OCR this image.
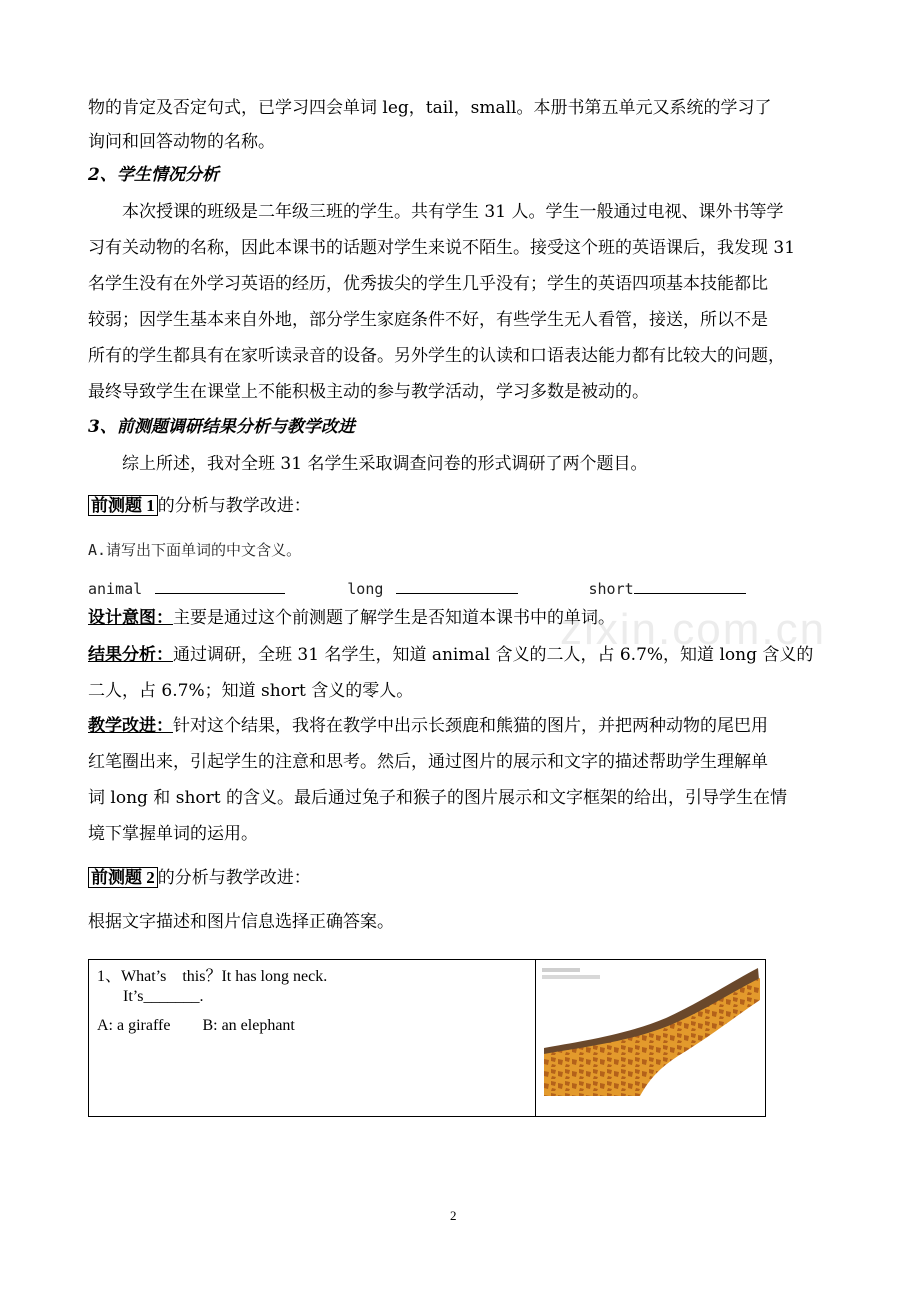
物的肯定及否定句式，已学习四会单词 leg，tail，small。本册书第五单元又系统的学习了
询问和回答动物的名称。
2、学生情况分析
本次授课的班级是二年级三班的学生。共有学生 31 人。学生一般通过电视、课外书等学
习有关动物的名称，因此本课书的话题对学生来说不陌生。接受这个班的英语课后，我发现 31
名学生没有在外学习英语的经历，优秀拔尖的学生几乎没有；学生的英语四项基本技能都比
较弱；因学生基本来自外地，部分学生家庭条件不好，有些学生无人看管，接送，所以不是
所有的学生都具有在家听读录音的设备。另外学生的认读和口语表达能力都有比较大的问题，
最终导致学生在课堂上不能积极主动的参与教学活动，学习多数是被动的。
3、前测题调研结果分析与教学改进
综上所述，我对全班 31 名学生采取调查问卷的形式调研了两个题目。
前测题 1 的分析与教学改进：
A.请写出下面单词的中文含义。
animal	long	short
设计意图：主要是通过这个前测题了解学生是否知道本课书中的单词。
结果分析：通过调研，全班 31 名学生，知道 animal 含义的二人，占 6.7%，知道 long 含义的
二人，占 6.7%；知道 short 含义的零人。
教学改进：针对这个结果，我将在教学中出示长颈鹿和熊猫的图片，并把两种动物的尾巴用
红笔圈出来，引起学生的注意和思考。然后，通过图片的展示和文字的描述帮助学生理解单
词 long 和 short 的含义。最后通过兔子和猴子的图片展示和文字框架的给出，引导学生在情
境下掌握单词的运用。
前测题 2 的分析与教学改进：
根据文字描述和图片信息选择正确答案。
1、What’s　this？It has long neck.
It’s_______.
A: a giraffe　　B: an elephant
zixin.com.cn
2
